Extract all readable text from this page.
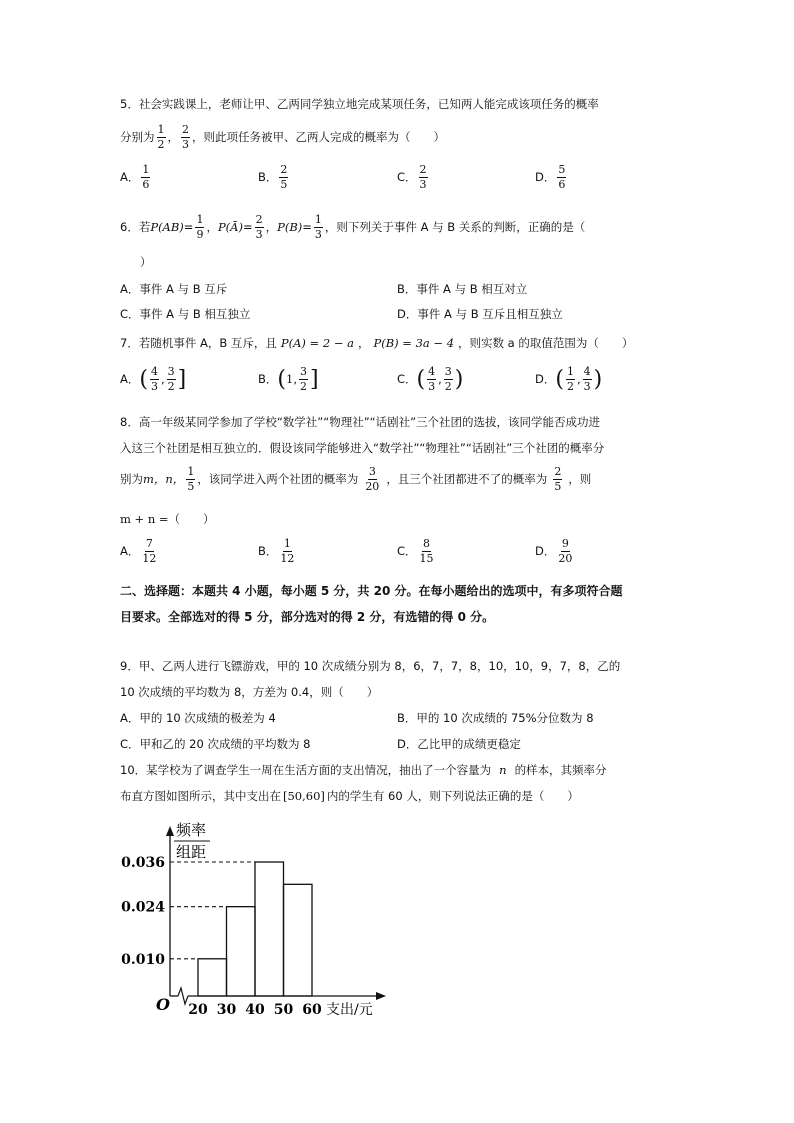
5．社会实践课上，老师让甲、乙两同学独立地完成某项任务，已知两人能完成该项任务的概率
分别为 $\frac{1}{2}$ ， $\frac{2}{3}$ ，则此项任务被甲、乙两人完成的概率为（　　）
A． $\frac{1}{6}$	B． $\frac{2}{5}$	C． $\frac{2}{3}$	D． $\frac{5}{6}$
6．若 $P(AB) = \frac{1}{9}$ ， P(Ā) = $\frac{2}{3}$ ， $P(B) = \frac{1}{3}$ ，则下列关于事件 A 与 B 关系的判断，正确的是（
）
A．事件 A 与 B 互斥	B．事件 A 与 B 相互对立
C．事件 A 与 B 相互独立	D．事件 A 与 B 互斥且相互独立
7．若随机事件 A，B 互斥，且 P(A) = 2 − a ， P(B) = 3a − 4 ，则实数 a 的取值范围为（　　）
A． ( $\frac{4}{3}$ , $\frac{3}{2}$ ]	B． ( 1 , $\frac{3}{2}$ ]	C． ( $\frac{4}{3}$ , $\frac{3}{2}$ )	D． ( $\frac{1}{2}$ , $\frac{4}{3}$ )
8．高一年级某同学参加了学校“数学社”“物理社”“话剧社”三个社团的选拔，该同学能否成功进
入这三个社团是相互独立的．假设该同学能够进入“数学社”“物理社”“话剧社”三个社团的概率分
别为 m，n， $\frac{1}{5}$ ，该同学进入两个社团的概率为 $\frac{3}{20}$ ，且三个社团都进不了的概率为 $\frac{2}{5}$ ，则
m + n =（　　）
A． $\frac{7}{12}$	B． $\frac{1}{12}$	C． $\frac{8}{15}$	D． $\frac{9}{20}$
二、选择题：本题共 4 小题，每小题 5 分，共 20 分。在每小题给出的选项中，有多项符合题
目要求。全部选对的得 5 分，部分选对的得 2 分，有选错的得 0 分。
9．甲、乙两人进行飞镖游戏，甲的 10 次成绩分别为 8，6，7，7，8，10，10，9，7，8，乙的
10 次成绩的平均数为 8，方差为 0.4，则（　　）
A．甲的 10 次成绩的极差为 4	B．甲的 10 次成绩的 75%分位数为 8
C．甲和乙的 20 次成绩的平均数为 8	D．乙比甲的成绩更稳定
10．某学校为了调查学生一周在生活方面的支出情况，抽出了一个容量为 n 的样本，其频率分
布直方图如图所示，其中支出在 [50,60] 内的学生有 60 人，则下列说法正确的是（　　）
频率
组距
0.036
0.024
0.010
20 30 40 50 60 支出/元
O
